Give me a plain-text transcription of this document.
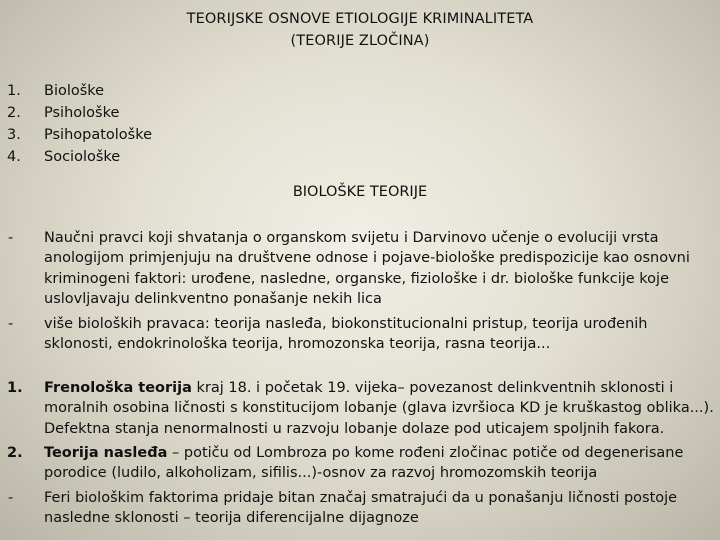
TEORIJSKE OSNOVE ETIOLOGIJE KRIMINALITETA
(TEORIJE ZLOČINA)
1. Biološke
2. Psihološke
3. Psihopatološke
4. Sociološke
BIOLOŠKE TEORIJE
- Naučni pravci koji shvatanja o organskom svijetu i Darvinovo učenje o evoluciji vrsta
anologijom primjenjuju na društvene odnose i pojave-biološke predispozicije kao osnovni
kriminogeni faktori: urođene, nasledne, organske, fiziološke i dr. biološke funkcije koje
uslovljavaju delinkventno ponašanje nekih lica
- više bioloških pravaca: teorija nasleđa, biokonstitucionalni pristup, teorija urođenih
sklonosti, endokrinološka teorija, hromozonska teorija, rasna teorija...
1. Frenološka teorija kraj 18. i početak 19. vijeka– povezanost delinkventnih sklonosti i
moralnih osobina ličnosti s konstitucijom lobanje (glava izvršioca KD je kruškastog oblika...).
Defektna stanja nenormalnosti u razvoju lobanje dolaze pod uticajem spoljnih fakora.
2. Teorija nasleđa – potiču od Lombroza po kome rođeni zločinac potiče od degenerisane
porodice (ludilo, alkoholizam, sifilis...)-osnov za razvoj hromozomskih teorija
- Feri biološkim faktorima pridaje bitan značaj smatrajući da u ponašanju ličnosti postoje
nasledne sklonosti – teorija diferencijalne dijagnoze
